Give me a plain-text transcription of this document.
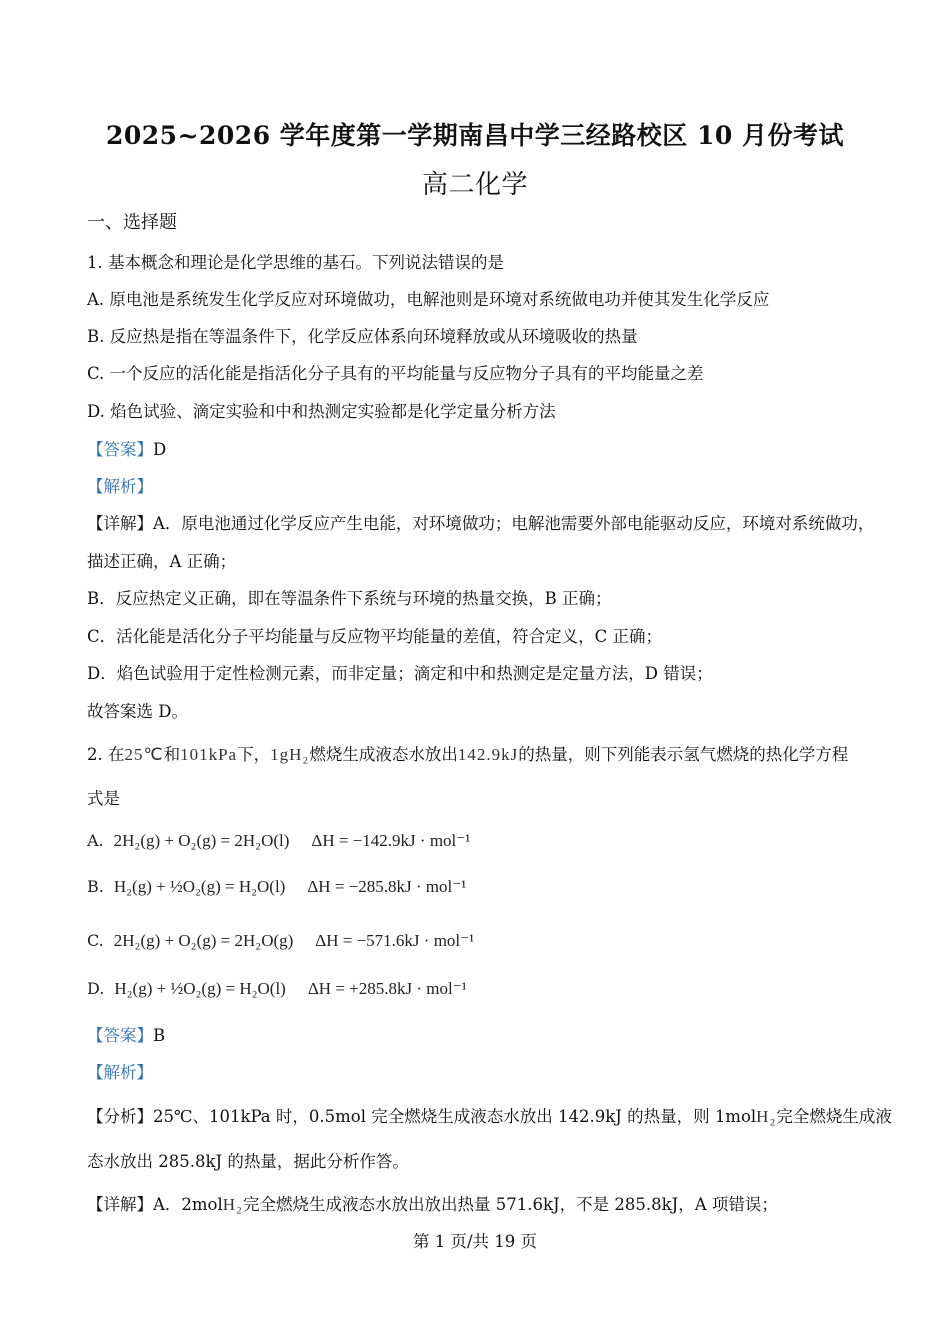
2025~2026 学年度第一学期南昌中学三经路校区 10 月份考试
高二化学
一、选择题
1. 基本概念和理论是化学思维的基石。下列说法错误的是
A. 原电池是系统发生化学反应对环境做功，电解池则是环境对系统做电功并使其发生化学反应
B. 反应热是指在等温条件下，化学反应体系向环境释放或从环境吸收的热量
C. 一个反应的活化能是指活化分子具有的平均能量与反应物分子具有的平均能量之差
D. 焰色试验、滴定实验和中和热测定实验都是化学定量分析方法
【答案】D
【解析】
【详解】A．原电池通过化学反应产生电能，对环境做功；电解池需要外部电能驱动反应，环境对系统做功，
描述正确，A 正确；
B．反应热定义正确，即在等温条件下系统与环境的热量交换，B 正确；
C．活化能是活化分子平均能量与反应物平均能量的差值，符合定义，C 正确；
D．焰色试验用于定性检测元素，而非定量；滴定和中和热测定是定量方法，D 错误；
故答案选 D。
2. 在25℃和101kPa下，1gH₂燃烧生成液态水放出142.9kJ的热量，则下列能表示氢气燃烧的热化学方程
式是
A. 2H₂(g) + O₂(g) = 2H₂O(l) ΔH = −142.9kJ · mol⁻¹
B. H₂(g) + ½O₂(g) = H₂O(l) ΔH = −285.8kJ · mol⁻¹
C. 2H₂(g) + O₂(g) = 2H₂O(g) ΔH = −571.6kJ · mol⁻¹
D. H₂(g) + ½O₂(g) = H₂O(l) ΔH = +285.8kJ · mol⁻¹
【答案】B
【解析】
【分析】25℃、101kPa 时，0.5mol 完全燃烧生成液态水放出 142.9kJ 的热量，则 1molH₂完全燃烧生成液
态水放出 285.8kJ 的热量，据此分析作答。
【详解】A．2molH₂完全燃烧生成液态水放出放出热量 571.6kJ，不是 285.8kJ，A 项错误；
第 1 页/共 19 页
